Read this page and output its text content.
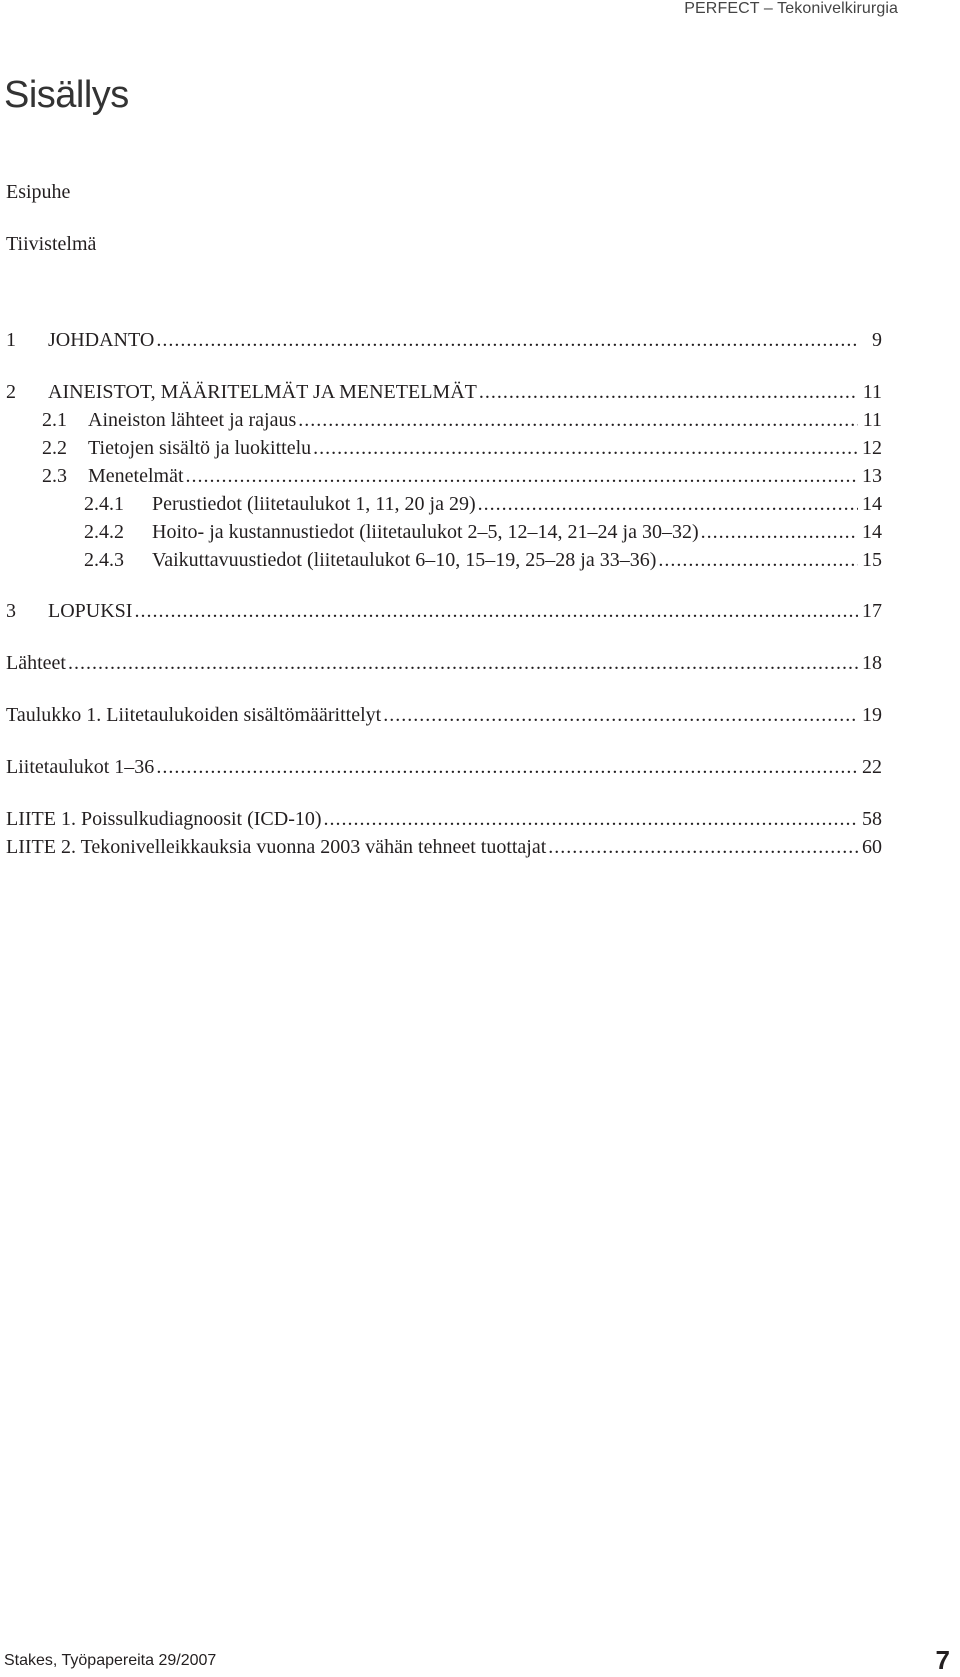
PERFECT – Tekonivelkirurgia
Sisällys
Esipuhe
Tiivistelmä
1	JOHDANTO .....	9
2	AINEISTOT, MÄÄRITELMÄT JA MENETELMÄT .....	11
2.1	Aineiston lähteet ja rajaus .....	11
2.2	Tietojen sisältö ja luokittelu .....	12
2.3	Menetelmät .....	13
2.4.1	Perustiedot (liitetaulukot 1, 11, 20 ja 29) .....	14
2.4.2	Hoito- ja kustannustiedot (liitetaulukot 2–5, 12–14, 21–24 ja 30–32) .....	14
2.4.3	Vaikuttavuustiedot (liitetaulukot 6–10, 15–19, 25–28 ja 33–36) .....	15
3	LOPUKSI .....	17
Lähteet .....	18
Taulukko 1. Liitetaulukoiden sisältömäärittelyt .....	19
Liitetaulukot 1–36 .....	22
LIITE 1. Poissulkudiagnoosit (ICD-10) .....	58
LIITE 2. Tekonivelleikkauksia vuonna 2003 vähän tehneet tuottajat .....	60
Stakes, Työpapereita 29/2007	7
